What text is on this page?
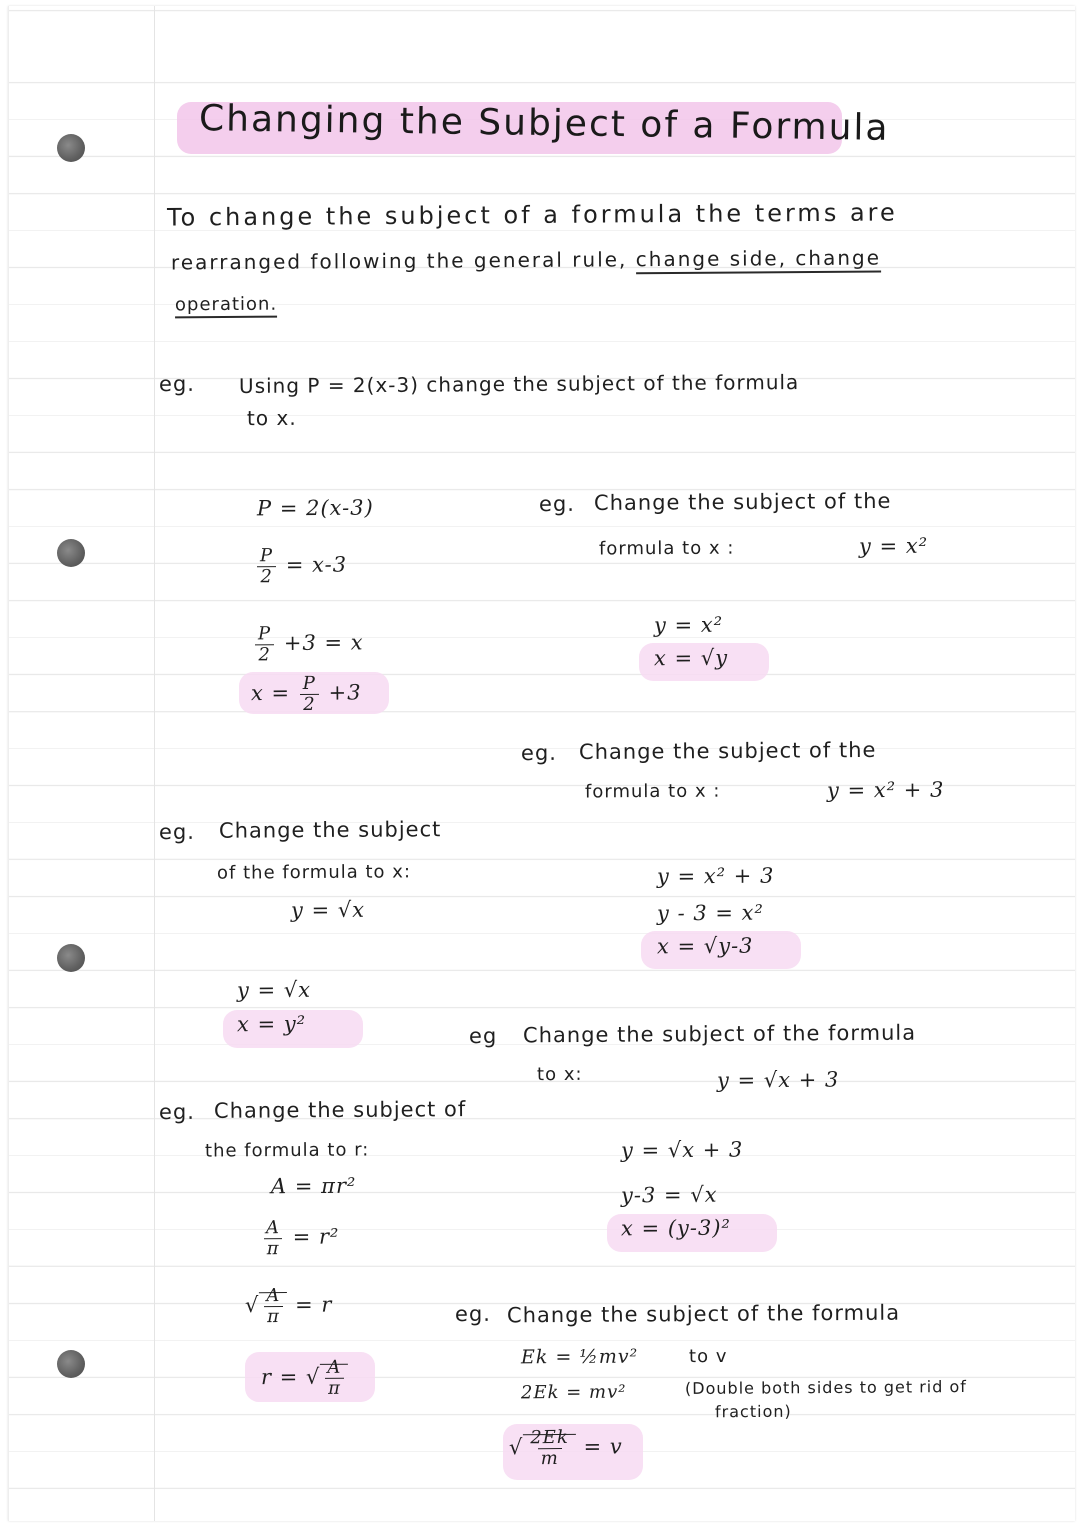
Changing the Subject of a Formula
To change the subject of a formula the terms are
rearranged following the general rule, change side, change
operation.
eg. Using P = 2(x-3) change the subject of the formula
to x.
P = 2(x-3)
$\frac{P}{2} = x-3$
$\frac{P}{2} +3 = x$
$x = \frac{P}{2} +3$
eg. Change the subject of the
formula to x :	y = x²
y = x²
x = √y
eg. Change the subject of the
formula to x :	y = x² + 3
y = x² + 3
y - 3 = x²
x = √y-3
eg. Change the subject
of the formula to x:
y = √x
y = √x
x = y²	eg Change the subject of the formula
to x:	y = √x + 3
y = √x + 3
y-3 = √x
x = (y-3)²
eg. Change the subject of
the formula to r:
A = πr²
$\frac{A}{\pi} = r^2$
√ $\frac{A}{\pi} = r$
r = √ $\frac{A}{\pi}$
eg. Change the subject of the formula
Ek = ½mv²	to v
2Ek = mv²	(Double both sides to get rid of
fraction)
√ $\frac{2Ek}{m} = v$
